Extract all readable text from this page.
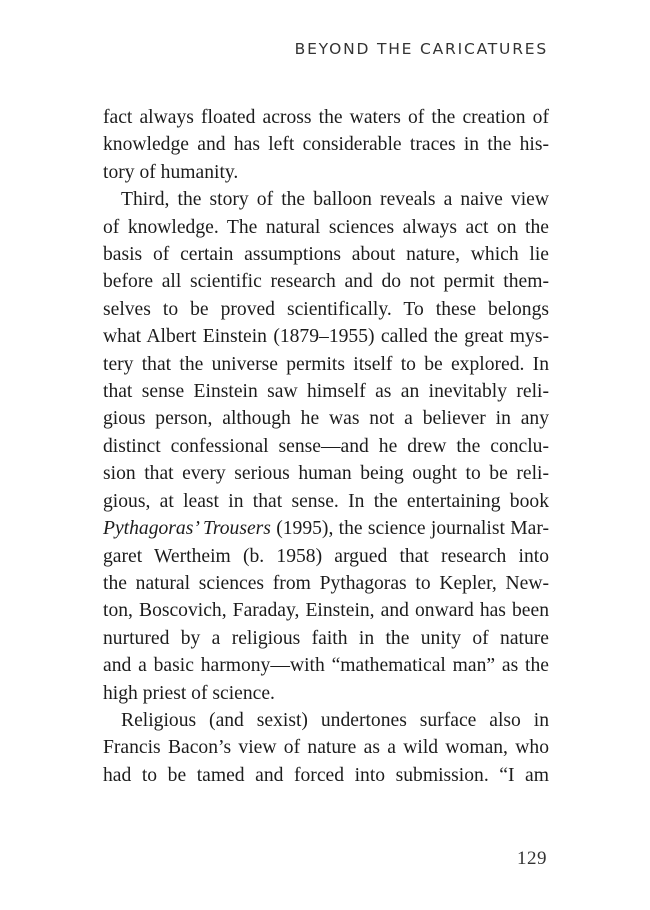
BEYOND THE CARICATURES
fact always floated across the waters of the creation of
knowledge and has left considerable traces in the his-
tory of humanity.
Third, the story of the balloon reveals a naive view
of knowledge. The natural sciences always act on the
basis of certain assumptions about nature, which lie
before all scientific research and do not permit them-
selves to be proved scientifically. To these belongs
what Albert Einstein (1879–1955) called the great mys-
tery that the universe permits itself to be explored. In
that sense Einstein saw himself as an inevitably reli-
gious person, although he was not a believer in any
distinct confessional sense—and he drew the conclu-
sion that every serious human being ought to be reli-
gious, at least in that sense. In the entertaining book
Pythagoras’ Trousers (1995), the science journalist Mar-
garet Wertheim (b. 1958) argued that research into
the natural sciences from Pythagoras to Kepler, New-
ton, Boscovich, Faraday, Einstein, and onward has been
nurtured by a religious faith in the unity of nature
and a basic harmony—with “mathematical man” as the
high priest of science.
Religious (and sexist) undertones surface also in
Francis Bacon’s view of nature as a wild woman, who
had to be tamed and forced into submission. “I am
129
